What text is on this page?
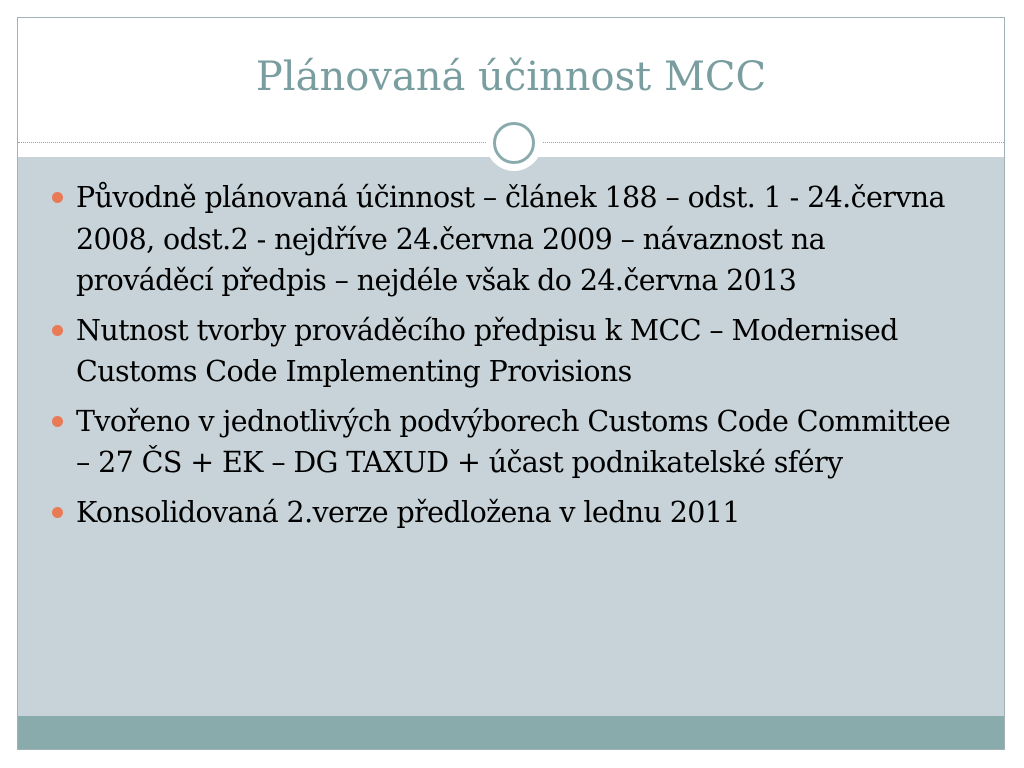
Plánovaná účinnost MCC
Původně plánovaná účinnost – článek 188 – odst. 1 - 24.června 2008, odst.2 - nejdříve 24.června 2009 – návaznost na prováděcí předpis – nejdéle však do 24.června 2013
Nutnost tvorby prováděcího předpisu k MCC – Modernised Customs Code Implementing Provisions
Tvořeno v jednotlivých podvýborech Customs Code Committee – 27 ČS + EK – DG TAXUD + účast podnikatelské sféry
Konsolidovaná 2.verze předložena v lednu 2011
